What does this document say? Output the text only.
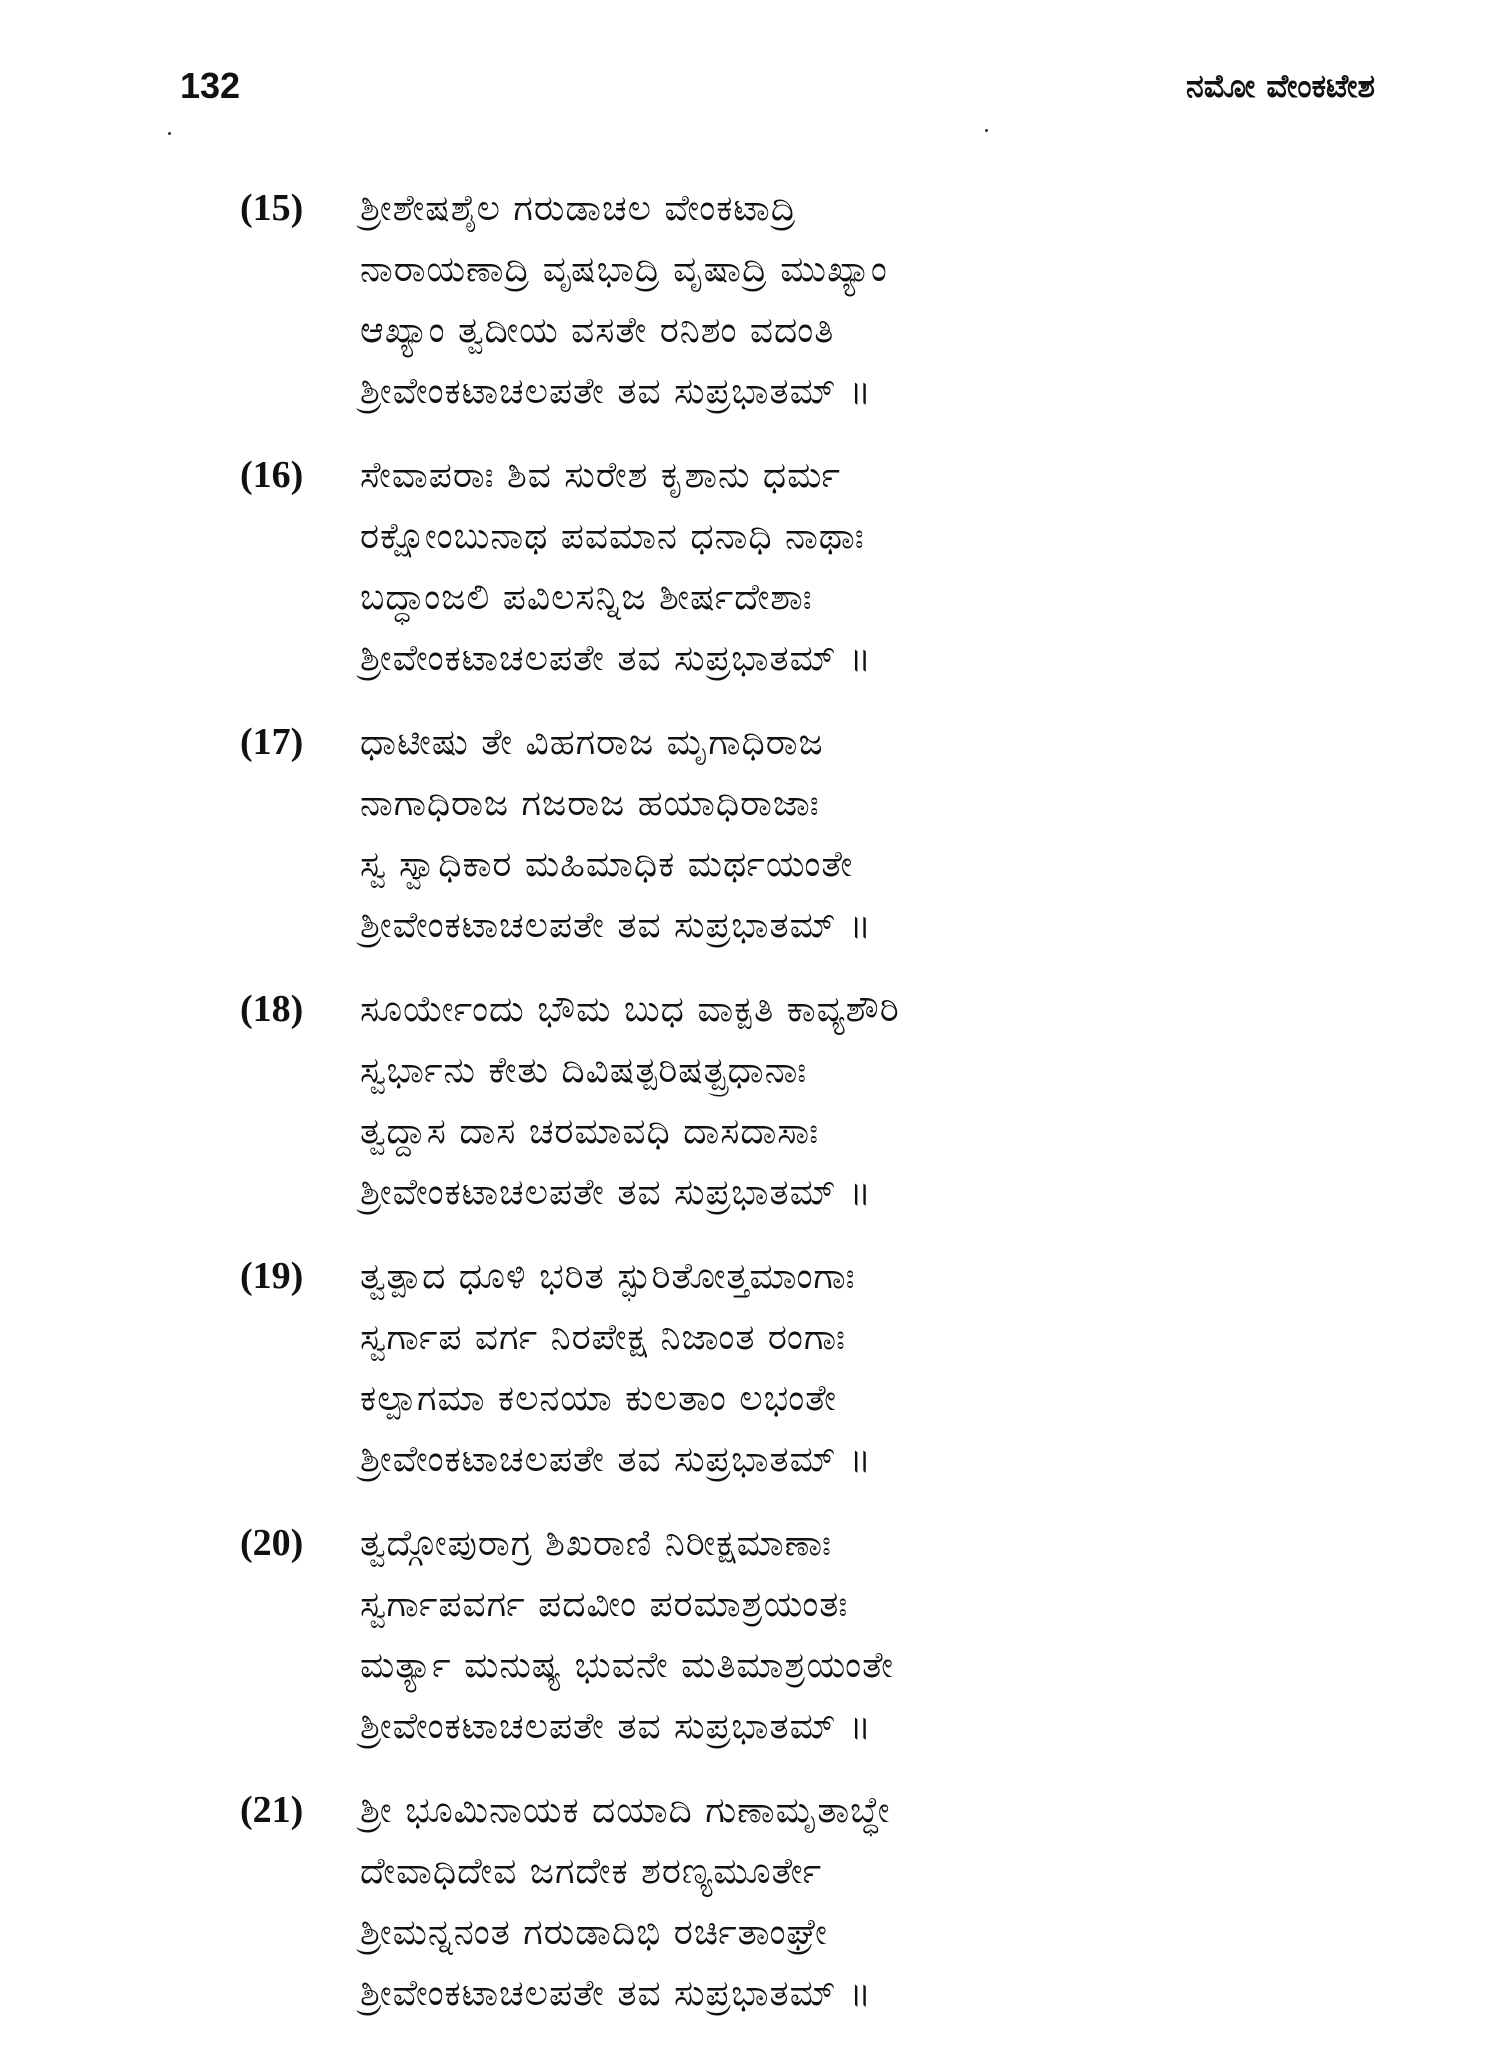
132	ನಮೋ ವೇಂಕಟೇಶ
(15)	ಶ್ರೀಶೇಷಶೈಲ ಗರುಡಾಚಲ ವೇಂಕಟಾದ್ರಿ
ನಾರಾಯಣಾದ್ರಿ ವೃಷಭಾದ್ರಿ ವೃಷಾದ್ರಿ ಮುಖ್ಯಾಂ
ಆಖ್ಯಾಂ ತ್ವದೀಯ ವಸತೇ ರನಿಶಂ ವದಂತಿ
ಶ್ರೀವೇಂಕಟಾಚಲಪತೇ ತವ ಸುಪ್ರಭಾತಮ್ ॥
(16)	ಸೇವಾಪರಾಃ ಶಿವ ಸುರೇಶ ಕೃಶಾನು ಧರ್ಮ
ರಕ್ಷೋಂಬುನಾಥ ಪವಮಾನ ಧನಾಧಿ ನಾಥಾಃ
ಬದ್ಧಾಂಜಲಿ ಪವಿಲಸನ್ನಿಜ ಶೀರ್ಷದೇಶಾಃ
ಶ್ರೀವೇಂಕಟಾಚಲಪತೇ ತವ ಸುಪ್ರಭಾತಮ್ ॥
(17)	ಧಾಟೀಷು ತೇ ವಿಹಗರಾಜ ಮೃಗಾಧಿರಾಜ
ನಾಗಾಧಿರಾಜ ಗಜರಾಜ ಹಯಾಧಿರಾಜಾಃ
ಸ್ವ ಸ್ವಾಧಿಕಾರ ಮಹಿಮಾಧಿಕ ಮರ್ಥಯಂತೇ
ಶ್ರೀವೇಂಕಟಾಚಲಪತೇ ತವ ಸುಪ್ರಭಾತಮ್ ॥
(18)	ಸೂರ್ಯೇಂದು ಭೌಮ ಬುಧ ವಾಕ್ಪತಿ ಕಾವ್ಯಶೌರಿ
ಸ್ವರ್ಭಾನು ಕೇತು ದಿವಿಷತ್ಪರಿಷತ್ಪ್ರಧಾನಾಃ
ತ್ವದ್ದಾಸ ದಾಸ ಚರಮಾವಧಿ ದಾಸದಾಸಾಃ
ಶ್ರೀವೇಂಕಟಾಚಲಪತೇ ತವ ಸುಪ್ರಭಾತಮ್ ॥
(19)	ತ್ವತ್ಪಾದ ಧೂಳಿ ಭರಿತ ಸ್ಫುರಿತೋತ್ತಮಾಂಗಾಃ
ಸ್ವರ್ಗಾಪ ವರ್ಗ ನಿರಪೇಕ್ಷ ನಿಜಾಂತ ರಂಗಾಃ
ಕಲ್ಪಾಗಮಾ ಕಲನಯಾ ಕುಲತಾಂ ಲಭಂತೇ
ಶ್ರೀವೇಂಕಟಾಚಲಪತೇ ತವ ಸುಪ್ರಭಾತಮ್ ॥
(20)	ತ್ವದ್ಗೋಪುರಾಗ್ರ ಶಿಖರಾಣಿ ನಿರೀಕ್ಷಮಾಣಾಃ
ಸ್ವರ್ಗಾಪವರ್ಗ ಪದವೀಂ ಪರಮಾಶ್ರಯಂತಃ
ಮರ್ತ್ಯಾ ಮನುಷ್ಯ ಭುವನೇ ಮತಿಮಾಶ್ರಯಂತೇ
ಶ್ರೀವೇಂಕಟಾಚಲಪತೇ ತವ ಸುಪ್ರಭಾತಮ್ ॥
(21)	ಶ್ರೀ ಭೂಮಿನಾಯಕ ದಯಾದಿ ಗುಣಾಮೃತಾಬ್ಧೇ
ದೇವಾಧಿದೇವ ಜಗದೇಕ ಶರಣ್ಯಮೂರ್ತೇ
ಶ್ರೀಮನ್ನನಂತ ಗರುಡಾದಿಭಿ ರರ್ಚಿತಾಂಘ್ರೇ
ಶ್ರೀವೇಂಕಟಾಚಲಪತೇ ತವ ಸುಪ್ರಭಾತಮ್ ॥
